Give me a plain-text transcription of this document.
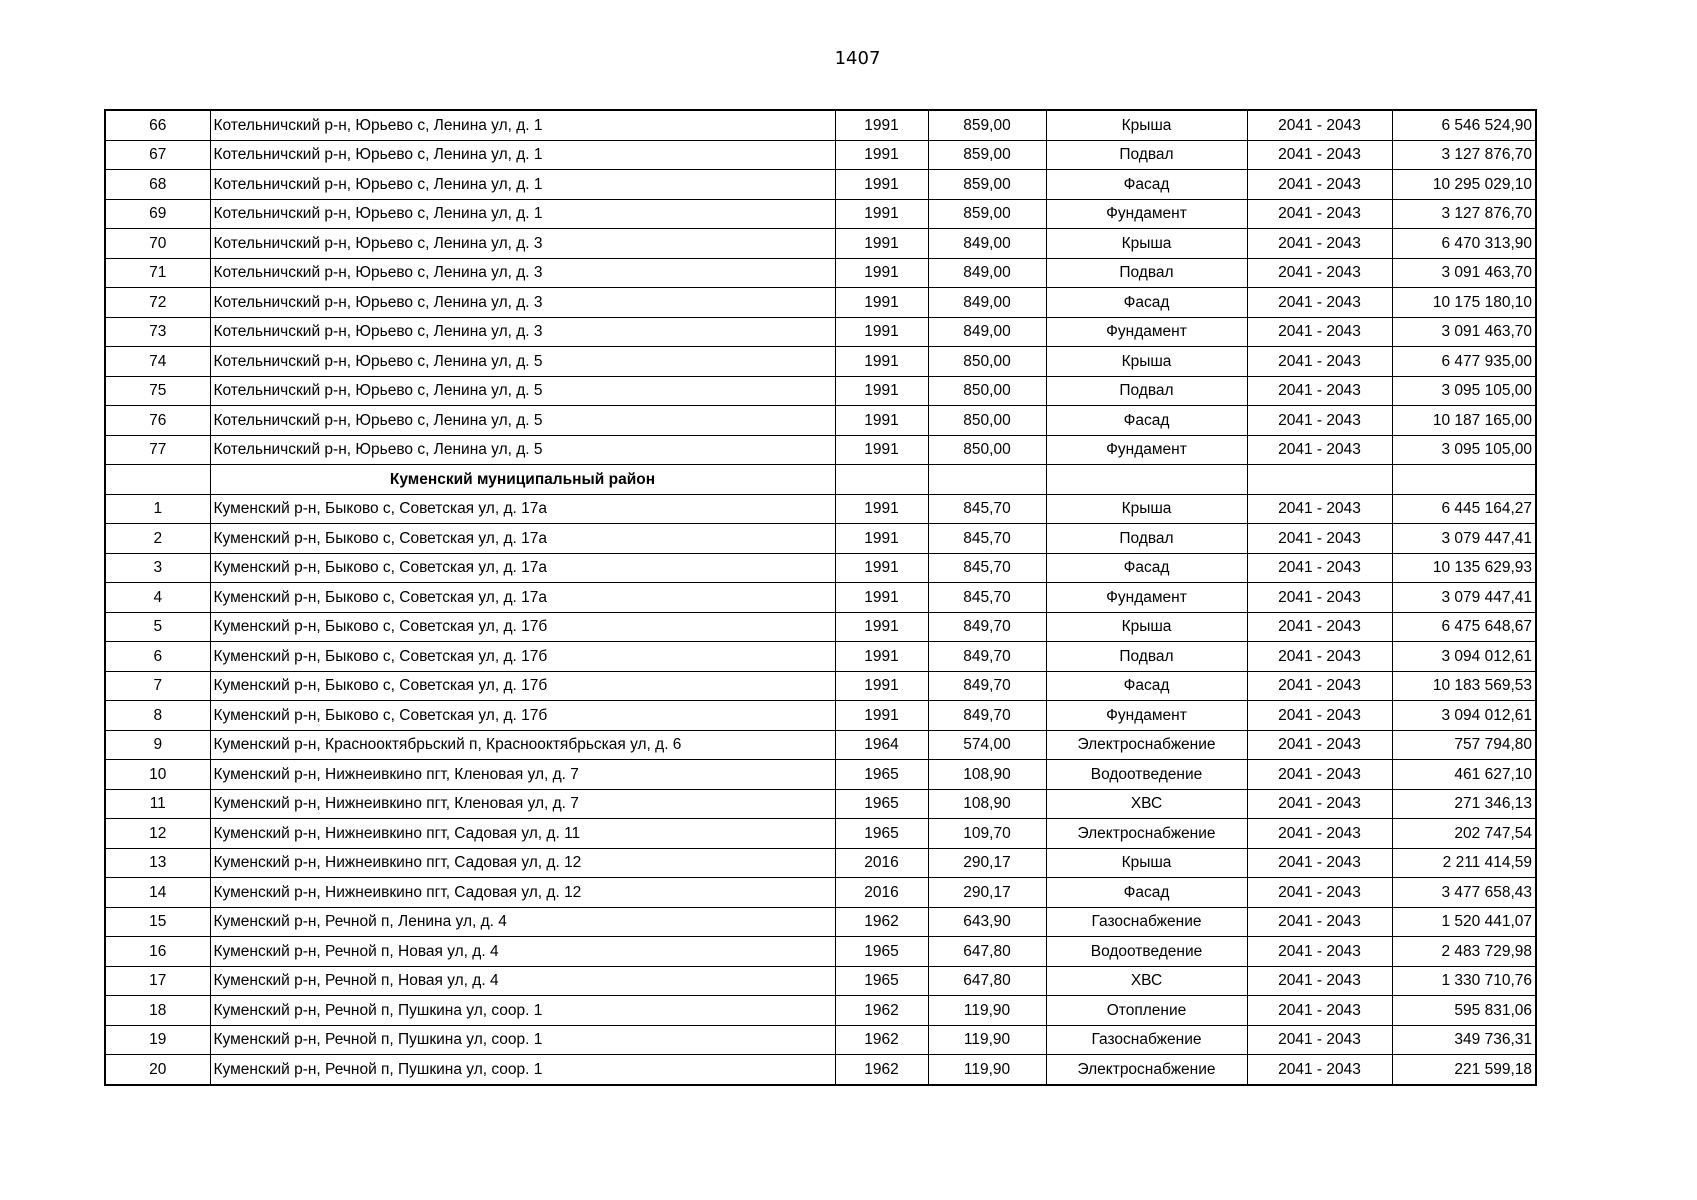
1407
66	Котельничский р-н, Юрьево с, Ленина ул, д. 1	1991	859,00	Крыша	2041 - 2043	6 546 524,90
67	Котельничский р-н, Юрьево с, Ленина ул, д. 1	1991	859,00	Подвал	2041 - 2043	3 127 876,70
68	Котельничский р-н, Юрьево с, Ленина ул, д. 1	1991	859,00	Фасад	2041 - 2043	10 295 029,10
69	Котельничский р-н, Юрьево с, Ленина ул, д. 1	1991	859,00	Фундамент	2041 - 2043	3 127 876,70
70	Котельничский р-н, Юрьево с, Ленина ул, д. 3	1991	849,00	Крыша	2041 - 2043	6 470 313,90
71	Котельничский р-н, Юрьево с, Ленина ул, д. 3	1991	849,00	Подвал	2041 - 2043	3 091 463,70
72	Котельничский р-н, Юрьево с, Ленина ул, д. 3	1991	849,00	Фасад	2041 - 2043	10 175 180,10
73	Котельничский р-н, Юрьево с, Ленина ул, д. 3	1991	849,00	Фундамент	2041 - 2043	3 091 463,70
74	Котельничский р-н, Юрьево с, Ленина ул, д. 5	1991	850,00	Крыша	2041 - 2043	6 477 935,00
75	Котельничский р-н, Юрьево с, Ленина ул, д. 5	1991	850,00	Подвал	2041 - 2043	3 095 105,00
76	Котельничский р-н, Юрьево с, Ленина ул, д. 5	1991	850,00	Фасад	2041 - 2043	10 187 165,00
77	Котельничский р-н, Юрьево с, Ленина ул, д. 5	1991	850,00	Фундамент	2041 - 2043	3 095 105,00
	Куменский муниципальный район					
1	Куменский р-н, Быково с, Советская ул, д. 17а	1991	845,70	Крыша	2041 - 2043	6 445 164,27
2	Куменский р-н, Быково с, Советская ул, д. 17а	1991	845,70	Подвал	2041 - 2043	3 079 447,41
3	Куменский р-н, Быково с, Советская ул, д. 17а	1991	845,70	Фасад	2041 - 2043	10 135 629,93
4	Куменский р-н, Быково с, Советская ул, д. 17а	1991	845,70	Фундамент	2041 - 2043	3 079 447,41
5	Куменский р-н, Быково с, Советская ул, д. 17б	1991	849,70	Крыша	2041 - 2043	6 475 648,67
6	Куменский р-н, Быково с, Советская ул, д. 17б	1991	849,70	Подвал	2041 - 2043	3 094 012,61
7	Куменский р-н, Быково с, Советская ул, д. 17б	1991	849,70	Фасад	2041 - 2043	10 183 569,53
8	Куменский р-н, Быково с, Советская ул, д. 17б	1991	849,70	Фундамент	2041 - 2043	3 094 012,61
9	Куменский р-н, Краснооктябрьский п, Краснооктябрьская ул, д. 6	1964	574,00	Электроснабжение	2041 - 2043	757 794,80
10	Куменский р-н, Нижнеивкино пгт, Кленовая ул, д. 7	1965	108,90	Водоотведение	2041 - 2043	461 627,10
11	Куменский р-н, Нижнеивкино пгт, Кленовая ул, д. 7	1965	108,90	ХВС	2041 - 2043	271 346,13
12	Куменский р-н, Нижнеивкино пгт, Садовая ул, д. 11	1965	109,70	Электроснабжение	2041 - 2043	202 747,54
13	Куменский р-н, Нижнеивкино пгт, Садовая ул, д. 12	2016	290,17	Крыша	2041 - 2043	2 211 414,59
14	Куменский р-н, Нижнеивкино пгт, Садовая ул, д. 12	2016	290,17	Фасад	2041 - 2043	3 477 658,43
15	Куменский р-н, Речной п, Ленина ул, д. 4	1962	643,90	Газоснабжение	2041 - 2043	1 520 441,07
16	Куменский р-н, Речной п, Новая ул, д. 4	1965	647,80	Водоотведение	2041 - 2043	2 483 729,98
17	Куменский р-н, Речной п, Новая ул, д. 4	1965	647,80	ХВС	2041 - 2043	1 330 710,76
18	Куменский р-н, Речной п, Пушкина ул, соор. 1	1962	119,90	Отопление	2041 - 2043	595 831,06
19	Куменский р-н, Речной п, Пушкина ул, соор. 1	1962	119,90	Газоснабжение	2041 - 2043	349 736,31
20	Куменский р-н, Речной п, Пушкина ул, соор. 1	1962	119,90	Электроснабжение	2041 - 2043	221 599,18
